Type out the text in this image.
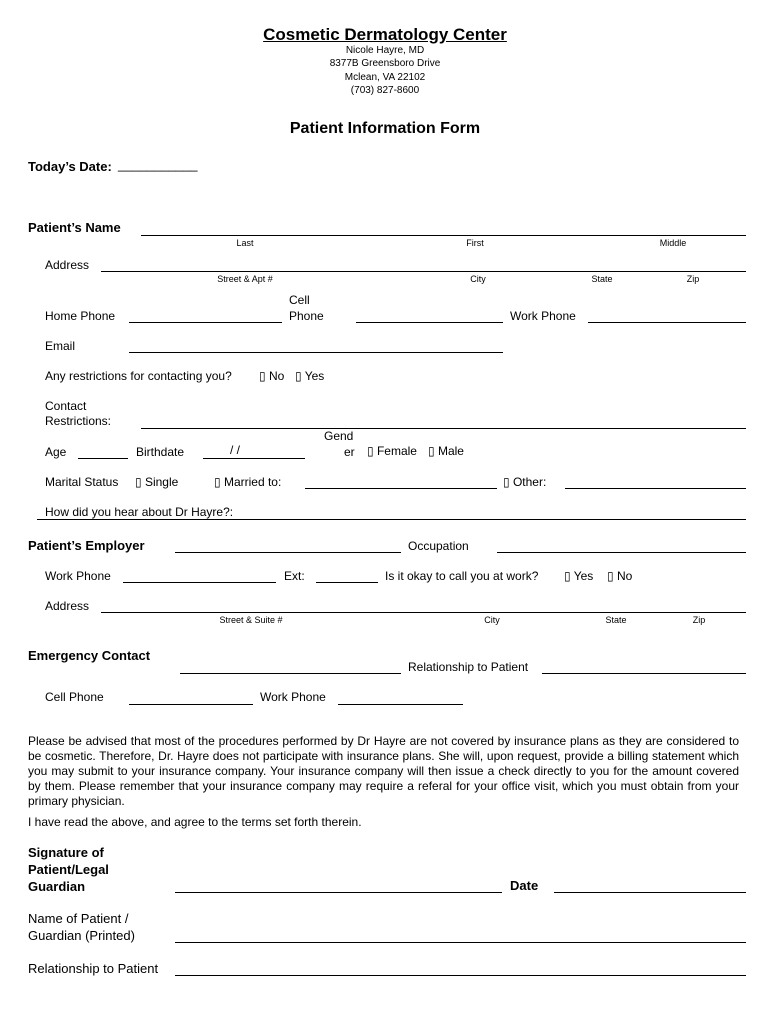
Cosmetic Dermatology Center
Nicole Hayre, MD
8377B Greensboro Drive
Mclean, VA 22102
(703) 827-8600
Patient Information Form
Today’s Date: ___________
Patient’s Name
Last	First	Middle
Address
Street & Apt #	City	State	Zip
Home Phone
Cell
Phone	Work Phone
Email
Any restrictions for contacting you? ▯ No ▯ Yes
Contact
Restrictions:
Age	Birthdate	/ /
Gend
er ▯ Female ▯ Male
Marital Status ▯ Single	▯ Married to:	▯ Other:
How did you hear about Dr Hayre?:
Patient’s Employer	Occupation
Work Phone	Ext:	Is it okay to call you at work? ▯ Yes ▯ No
Address
Street & Suite #	City	State	Zip
Emergency Contact
Relationship to Patient
Cell Phone	Work Phone
Please be advised that most of the procedures performed by Dr Hayre are not covered by insurance plans as they are considered to be cosmetic. Therefore, Dr. Hayre does not participate with insurance plans. She will, upon request, provide a billing statement which you may submit to your insurance company. Your insurance company will then issue a check directly to you for the amount covered by them. Please remember that your insurance company may require a referal for your office visit, which you must obtain from your primary physician.
I have read the above, and agree to the terms set forth therein.
Signature of
Patient/Legal
Guardian	Date
Name of Patient /
Guardian (Printed)
Relationship to Patient
